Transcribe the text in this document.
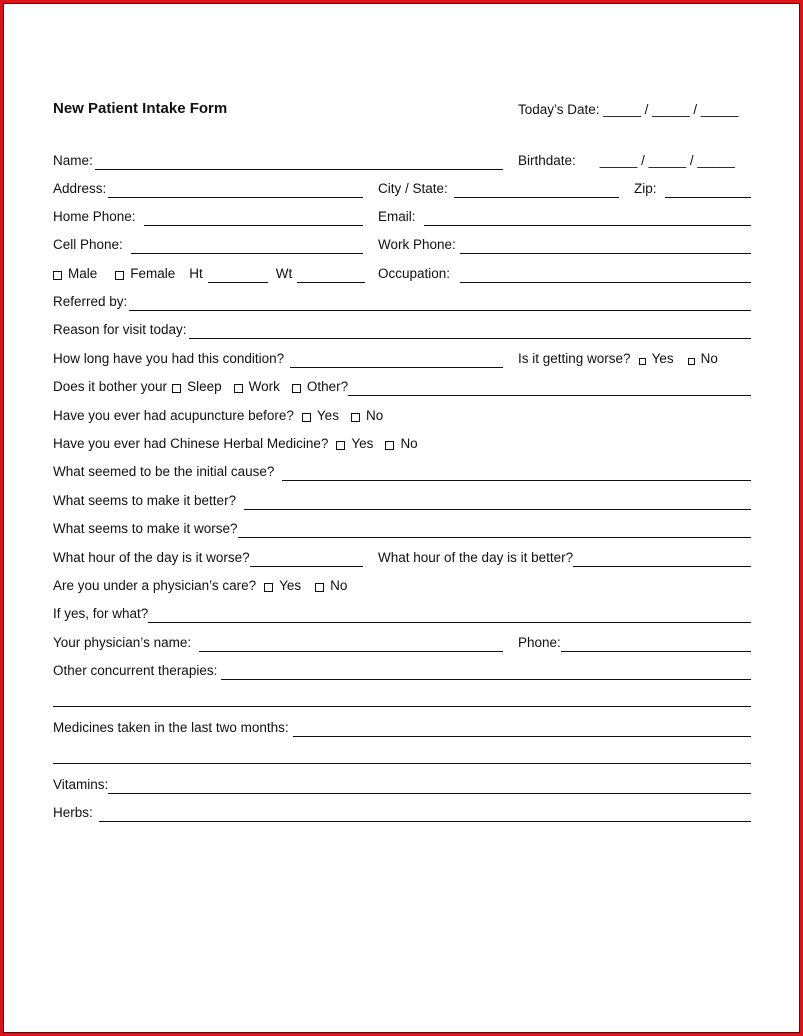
New Patient Intake Form	Today’s Date: _____ / _____ / _____
Name:	Birthdate: _____ / _____ / _____
Address:	City / State:	Zip:
Home Phone:	Email:
Cell Phone:	Work Phone:
Male Female Ht	Wt	Occupation:
Referred by:
Reason for visit today:
How long have you had this condition?	Is it getting worse? Yes No
Does it bother your Sleep Work Other?
Have you ever had acupuncture before? Yes No
Have you ever had Chinese Herbal Medicine? Yes No
What seemed to be the initial cause?
What seems to make it better?
What seems to make it worse?
What hour of the day is it worse?	What hour of the day is it better?
Are you under a physician’s care? Yes No
If yes, for what?
Your physician’s name:	Phone:
Other concurrent therapies:
Medicines taken in the last two months:
Vitamins:
Herbs:
